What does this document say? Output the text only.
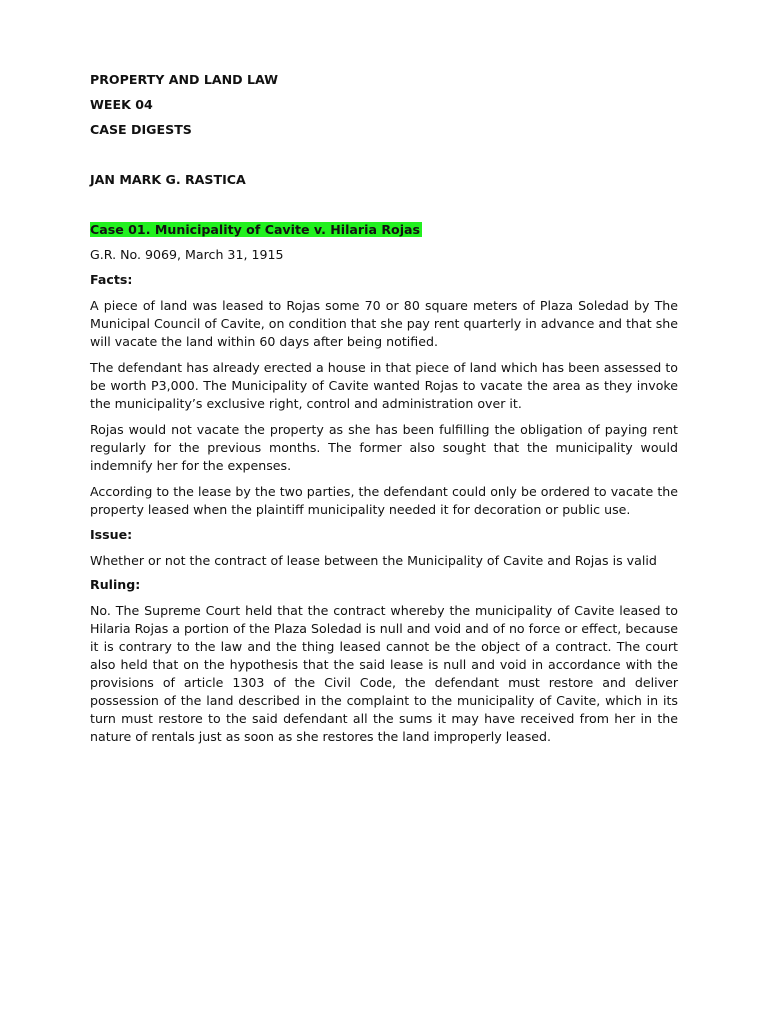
PROPERTY AND LAND LAW
WEEK 04
CASE DIGESTS
JAN MARK G. RASTICA
Case 01. Municipality of Cavite v. Hilaria Rojas
G.R. No. 9069, March 31, 1915
Facts:
A piece of land was leased to Rojas some 70 or 80 square meters of Plaza Soledad by The Municipal Council of Cavite, on condition that she pay rent quarterly in advance and that she will vacate the land within 60 days after being notified.
The defendant has already erected a house in that piece of land which has been assessed to be worth P3,000. The Municipality of Cavite wanted Rojas to vacate the area as they invoke the municipality’s exclusive right, control and administration over it.
Rojas would not vacate the property as she has been fulfilling the obligation of paying rent regularly for the previous months. The former also sought that the municipality would indemnify her for the expenses.
According to the lease by the two parties, the defendant could only be ordered to vacate the property leased when the plaintiff municipality needed it for decoration or public use.
Issue:
Whether or not the contract of lease between the Municipality of Cavite and Rojas is valid
Ruling:
No. The Supreme Court held that the contract whereby the municipality of Cavite leased to Hilaria Rojas a portion of the Plaza Soledad is null and void and of no force or effect, because it is contrary to the law and the thing leased cannot be the object of a contract. The court also held that on the hypothesis that the said lease is null and void in accordance with the provisions of article 1303 of the Civil Code, the defendant must restore and deliver possession of the land described in the complaint to the municipality of Cavite, which in its turn must restore to the said defendant all the sums it may have received from her in the nature of rentals just as soon as she restores the land improperly leased.
